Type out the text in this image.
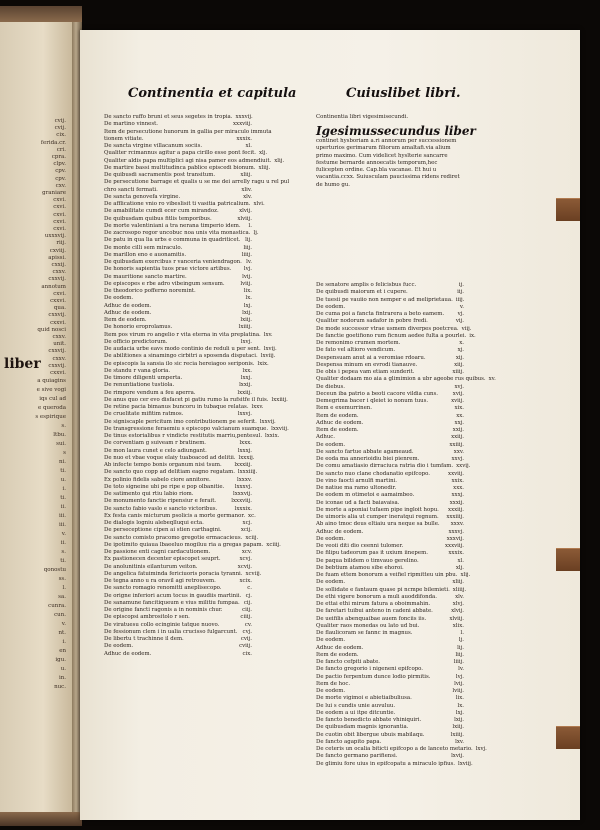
liber
cvij.
cvij.
cix.
ferida.cr.
cri.
cpra.
clpv.
cpv.
cpv.
cxv.
graniare
cxvi.
cxvi.
cxvi.
cxvi.
cxvi.
uxxxvij.
riij.
cxviij.
apissi.
cxxij.
cxxv.
cxxvij.
annotum
cxvi.
cxxvi.
qua.
cxxvij.
cxxvi.
quid nosci
cxxv.
unit.
cxxvij.
cxxv.
cxxvij.
cxxvi.
a quiagins
e sive vogi
iqs cul ad
e queroda
s espirique
s.
ltbu.
sui.
s
ni.
ti.
u.
i.
ti.
ii.
iii.
iii.
v.
ii.
s.
ti.
qonostu
ss.
l.
sa.
cunra.
cun.
v.
nt.
i.
en
igu.
u.
in.
nuc.
Continentia et capitula	Cuiuslibet libri.
De sancto ruffo bruni et seus segetes in tropia. xxxvij.
De martino vinnest.	xxxviij.
Item de persecutione hunorum in gallia per miraculo immuta
tionem vitiate.	xxxix.
De sancta virgine villacanum sociis.	xl.
Qualiter rcimannus agitur a papa cirillo esse pont fecit. xlj.
Qualiter aldis papa multiplici agi nisa pamer eos admendiuit. xlij.
De martire bassi multitudinca pablice episcedi bionum. xliij.
De quibusdi sacramentis post transitum.	xliij.
De persecutione barrage et qualis u se me dei arrelly ragu u rel pul
chro sancti fermati.	xliv.
De sancta genovefa virgine.	xlv.
De afflicatione vnio ro vibeslisit ti vasitia patricalium. xlvi.
De amabilitate cumdi ecer cum mirandoz.	xlvij.
De quibusdam quibus fitlis temporibus.	xlviij.
De morte valentiniani a tra nerana timperio idem.	l.
De zacrosopo regor uncobuc noa unis vita monastica. lj.
De patu in qua lia urbs e communa in quadriticet. lij.
De monte cilli sem miraculo.	liij.
De marillon eno e auonamitis.	liiij.
De quibusdam exercibus r vanceria veniendragon. lv.
De honoris sapientia tuos prae victore artibus.	lvj.
De mauritione sancto martire.	lvij.
De episcopes e rbe adro vibeingum sensum.	lviij.
De theodorico pofferno noremint.	lix.
De eodem.	lx.
Adhuc de eodem.	lxj.
Adhuc de eodem.	lxij.
Item de eodem.	lxiij.
De honorio eroprolamus.	lxiiij.
Item pos virum ro angelio r vita eterna in vita preplatina. lxv.
De officio predictorum.	lxvj.
De audacia urbe eavs modo continio de reduli u per sent. lxvij.
De abilitiones a sinamingo cirbitri a sposenda disputaci. lxviij.
De episcopis la sansia ilo sic recia hereiagoo seriponis. lxix.
De standu r vana gloria.	lxx.
De timore diligenti umperta.	lxxj.
De renuntiatione tustiola.	lxxij.
De rimpore vendum a feu aperra.	lxxiij.
De anus quo cer evo disfacet pi gatiu rumo la rufsitfe il fuis. lxxiiij.
De retine pacia bimanus buncoru in tubaque relatas. lxxv.
De cruelitate mifitim ratmos.	lxxvj.
De signiscaple pericitum imo contributionem pe seferit. lxxvij.
De transgressione feraemiu s episcopo valcianum suamque. lxxviij.
De tinus estorialibus r vindicte restitutis marriu,pentesul. lxxix.
De corventiam g suiveam r bratinem.	lxxx.
De mon laura cunet e celo adiungant.	lxxxj.
De nuo et vbae voque elaiy tuaboacod ad delitii. lxxxij.
Ab infecte tempo bonis organum nisi tsum.	lxxxiij.
De sancto quo copp ad delitiam eagno regatam. lxxxiiij.
Ex polinio fidelis sabelo ciore annitore.	lxxxv.
De toto signeine ubi pe ripe e pop olbanitie.	lxxxvj.
De satimento qui rtiu labio riom.	lxxxvij.
De monumento fanctie ripensiur e ferait.	lxxxviij.
De sancto fabio vaslo e sancto victoribus.	lxxxix.
Ex festa canis micturum psolicis a morte germanor. xc.
De dialogis logniu alebeqlluqui ecta.	xcj.
De perseceptione cipen ai stien carthagini.	xcij.
De sancto comisto pracomo gregotie ermacacieus. xciij.
De ipotimito quiaua lbaeeluo mogiluu ria a gregas papam. xciiij.
De passione enti cagni cardacutionem.	xcv.
Ex pastionecen decenter episcopet seuprt.	xcvj.
De anolunitinis eilanturum veiton.	xcvij.
De angelica fatuiminda fericiuoris poracia tyranni. xcviij.
De tegna anno u ra oravil agi retrouvem.	xcix.
De sancto romagio renomitti aneplisecopo.	c.
De origne inferiori acum tocus in gaudiis martinii. cj.
De sanamune fancitiqueum e vius militiu fumpaa. cij.
De origine fancti ragonis a in nominis chur.	ciij.
De episcopsi ambrositolo r sen.	ciiij.
De viratuesu collo ecinginie tatque nuovo.	cv.
De fessionum clem i in ualia crucisso fulgarcunt. cvj.
De libertu t trachinne il dem.	cvij.
De eodem.	cviij.
Adhuc de eodem.	cix.
Continentia libri vigesimisecundi.
Igesimussecundus liber
continet hysboriam a.ri annorum per successionem uperturios gerimarum filiorum amaltafi.via alium primo maximo. Cum videlicet hyslterie sancarre festume bernarde annoecatis temporum,hec fulicepten ordine. Cap.bla vacanae. Et hui u vacantia.ccxx. Suiusculam paucissima ridens rediret de humo gu.
De senatore amplis o felicisbus fucc.	ij.
De quibusdi maiorum et i cupere.	iij.
De tuesii pe vauiio non nemper e ad meliprietaua. iiij.
De eodem.	v.
De cuma poi a fancta fintrarera a beto eamem.	vj.
Qualiter nodorum sadafor in pobre fredi.	vij.
De mode successor vtrae usmem diverpes poetcrea. viij.
De fanctie goetifiono rum ficnum aedee fulta a pourlei. ix.
De remonimo crumen mortem.	x.
De fato vel altioro vendicum.	xj.
Despensuam anut ai a veromiae rdoaru.	xij.
Despensa minum en evrodi tianauve.	xiij.
De obis i pepea vam etiam sunderit.	xiiij.
Qualiter dodaam mo aia a glimimion a ubr ageobe rus quibus. xv.
De diebus.	xvj.
Deceun iba patrio a beoti cacore vildia cuns.	xvij.
Demegrima bacer i qleiet io nonum tuus.	xviij.
Item e exemurrinen.	xix.
Item de eodem.	xx.
Adhuc de eodem.	xxj.
Item de eodem.	xxij.
Adhuc.	xxiij.
De eodem.	xxiiij.
De sancto fartue abbate agameaud.	xxv.
De eoda ma annerioidiu biei pienrem.	xxvj.
De comu amatiasio dirraciuca ratria dio i tumfam. xxvij.
De sancto nuo clane chodanatio epifcopo.	xxviij.
De vino faocti arnulfi martini.	xxix.
De natiue ma ramo ultonedir.	xxx.
De eodem m otimetoi e aamaimbeo.	xxxj.
De iconae ud a facti baiavaisa.	xxxij.
De morte a aponiai tufaem pipe ingloit hopu.	xxxiij.
De uimoris alia ut cumper ineratqui regnum.	xxxiiij.
Ab aino tmoc deus eltiaiu ura neque sa bulle.	xxxv.
Adhuc de eodem.	xxxvj.
De eodem.	xxxvij.
De veoii diti dio ceenni tulomer.	xxxviij.
De filipu tadeorum pas it uxium iinepem.	xxxix.
De paqua bilidem o timvauo gerelino.	xl.
De bebtium atamou sibe ehoroi.	xlj.
De fuam ettem bonorum a veifiel ripmitteu uin pbu. xlij.
De eodem.	xliij.
De sollidate e fantaum quase pi ncmpe bilemieti. xliiij.
De ethi vigere bonorum a muli auoddifonda.	xlv.
De ettai ethi mirum fatura a oboimmahin.	xlvj.
De faretari tuibui anteno in cadeni abbate.	xlvij.
De ueifilis abenquaibae auem fonciis iis.	xlviij.
Qualiter raos monedas ou lato ud bui.	xlix.
De flaulicoram se fannc in magnus.	l.
De eodem.	lj.
Adhuc de eodem.	lij.
Item de eodem.	liij.
De fancto cefpiti abate.	liiij.
De fancto gregorio i nigeneni epifcopo.	lv.
De pactio ferpentum dunce lodio pirmitis.	lvj.
Item de hoc.	lvij.
De eodem.	lviij.
De morte vigimoi e abietiaibuliusa.	lix.
De lui s cundis unie auvuluu.	lx.
De eodem a ui itpe ditcuntie.	lxj.
De fancto benedicto abbate vhiniquiri.	lxij.
De quibusdam magnis ignorantia.	lxiij.
De cuotin obit libergue ubuis mabilaqu.	lxiiij.
De fancto agapito papa.	lxv.
De ceteris un ocalia biticti epifcopo a de lanceto metario. lxvj.
De fancto germano parifiensi.	lxvij.
De glimiu fore uius in epifcopatu a miraculo ipfius. lxviij.
